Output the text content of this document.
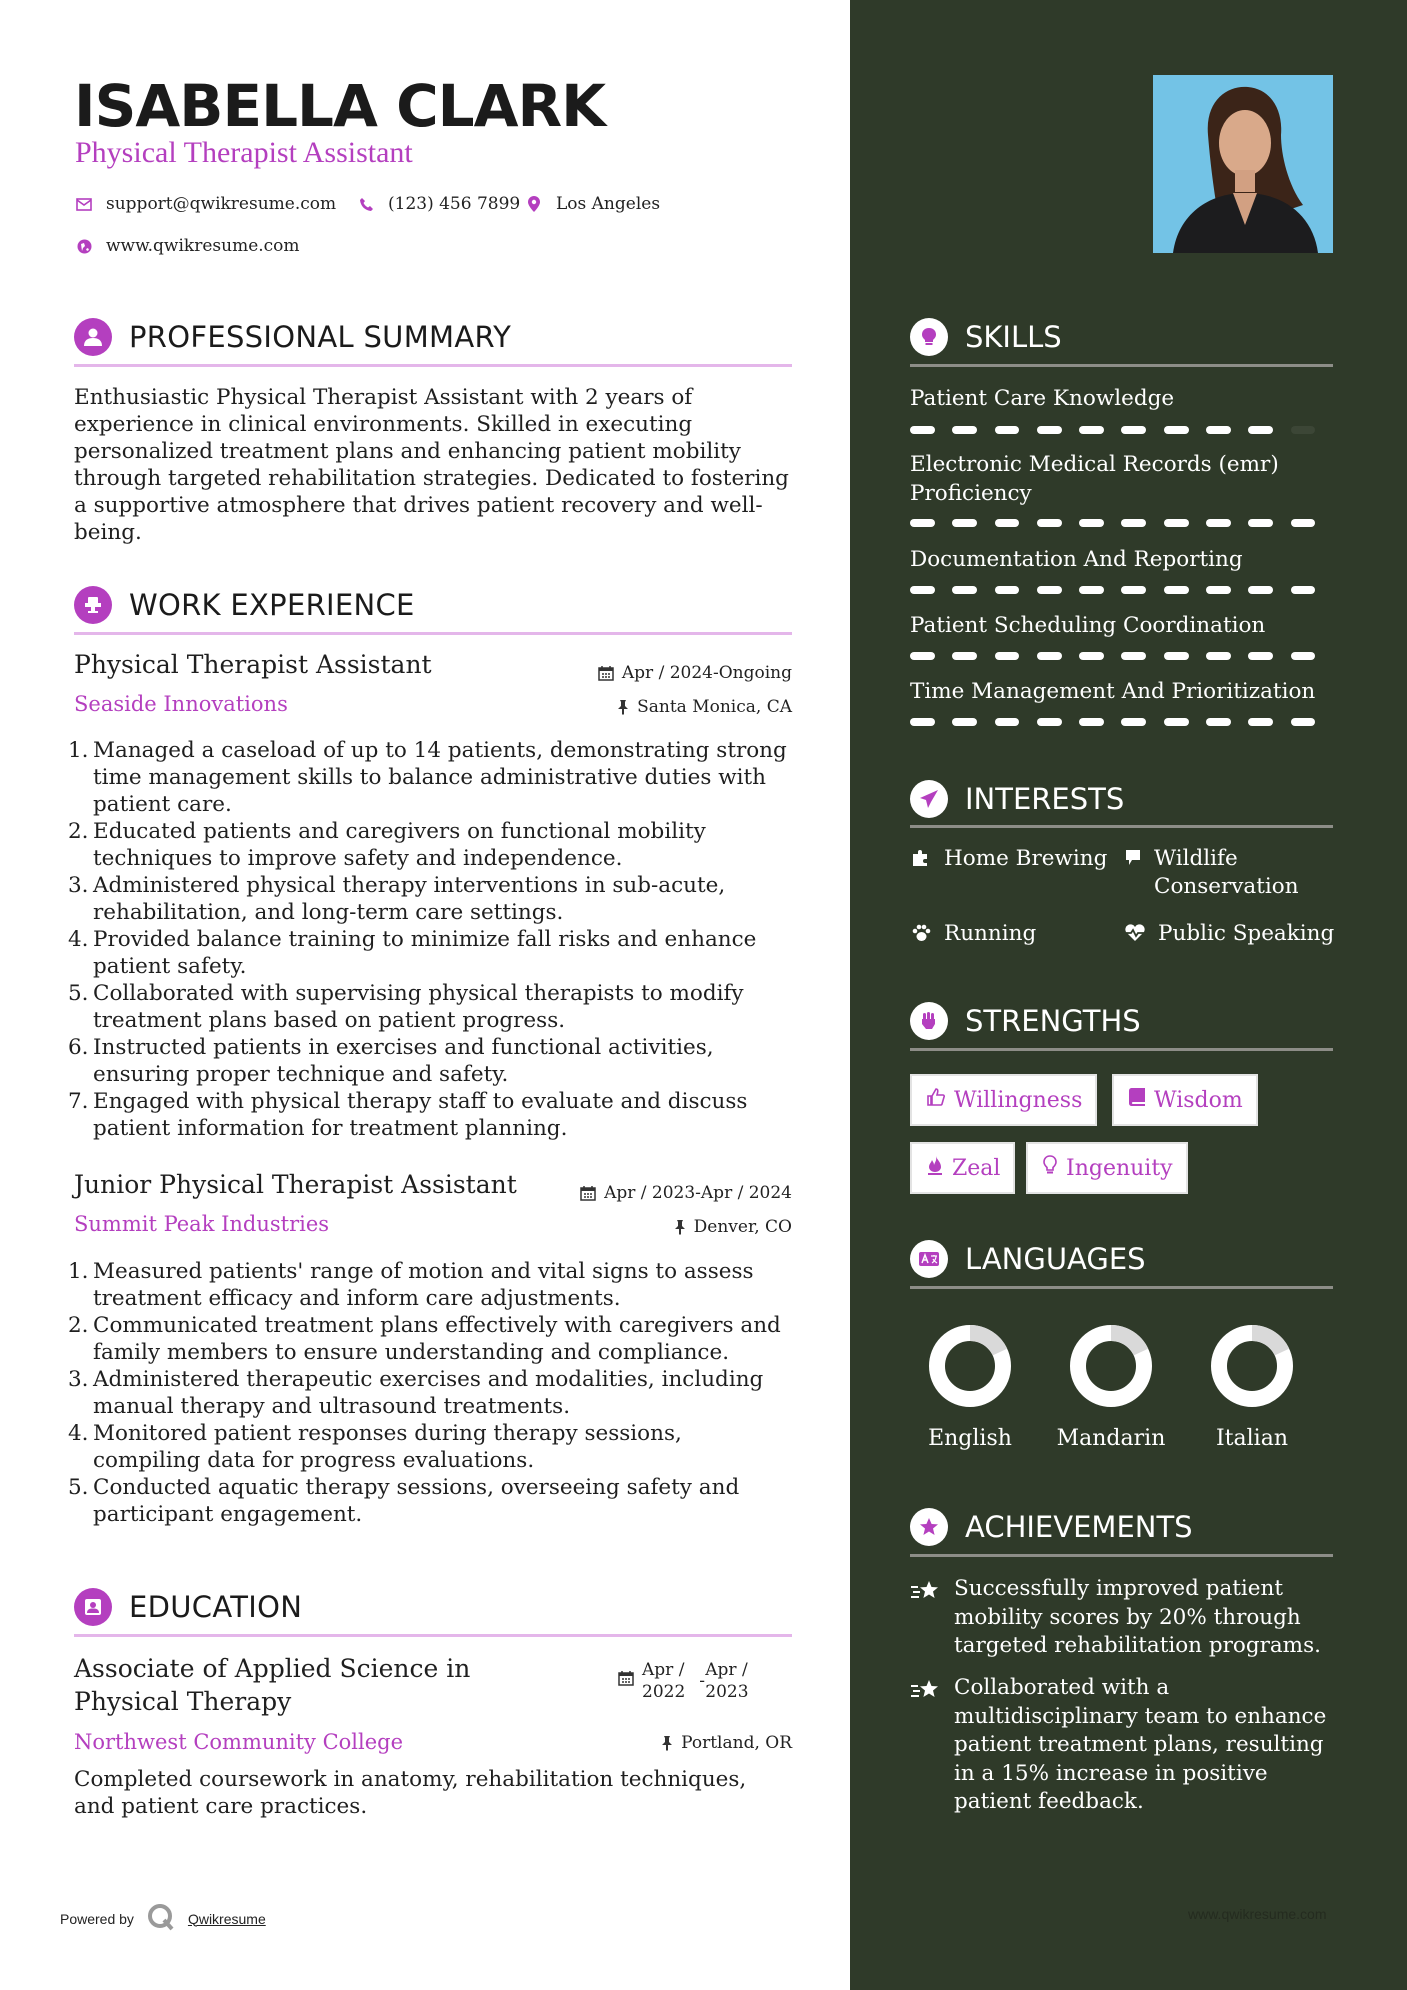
ISABELLA CLARK
Physical Therapist Assistant
support@qwikresume.com	(123) 456 7899 Los Angeles
www.qwikresume.com
PROFESSIONAL SUMMARY
Enthusiastic Physical Therapist Assistant with 2 years of experience in clinical environments. Skilled in executing personalized treatment plans and enhancing patient mobility through targeted rehabilitation strategies. Dedicated to fostering a supportive atmosphere that drives patient recovery and well-being.
WORK EXPERIENCE
Physical Therapist Assistant	Apr / 2024-Ongoing
Seaside Innovations	Santa Monica, CA
1. Managed a caseload of up to 14 patients, demonstrating strong time management skills to balance administrative duties with patient care.
2. Educated patients and caregivers on functional mobility techniques to improve safety and independence.
3. Administered physical therapy interventions in sub-acute, rehabilitation, and long-term care settings.
4. Provided balance training to minimize fall risks and enhance patient safety.
5. Collaborated with supervising physical therapists to modify treatment plans based on patient progress.
6. Instructed patients in exercises and functional activities, ensuring proper technique and safety.
7. Engaged with physical therapy staff to evaluate and discuss patient information for treatment planning.
Junior Physical Therapist Assistant	Apr / 2023-Apr / 2024
Summit Peak Industries	Denver, CO
1. Measured patients' range of motion and vital signs to assess treatment efficacy and inform care adjustments.
2. Communicated treatment plans effectively with caregivers and family members to ensure understanding and compliance.
3. Administered therapeutic exercises and modalities, including manual therapy and ultrasound treatments.
4. Monitored patient responses during therapy sessions, compiling data for progress evaluations.
5. Conducted aquatic therapy sessions, overseeing safety and participant engagement.
EDUCATION
Associate of Applied Science in
Physical Therapy
Apr /
2022
-
Apr /
2023
Northwest Community College	Portland, OR
Completed coursework in anatomy, rehabilitation techniques, and patient care practices.
Powered by	Qwikresume
SKILLS
Patient Care Knowledge
Electronic Medical Records (emr) Proficiency
Documentation And Reporting
Patient Scheduling Coordination
Time Management And Prioritization
INTERESTS
Home Brewing Wildlife Conservation
Running	Public Speaking
STRENGTHS
Willingness	Wisdom
Zeal	Ingenuity
LANGUAGES
English	Mandarin	Italian
ACHIEVEMENTS
Successfully improved patient mobility scores by 20% through targeted rehabilitation programs.
Collaborated with a multidisciplinary team to enhance patient treatment plans, resulting in a 15% increase in positive patient feedback.
www.qwikresume.com
